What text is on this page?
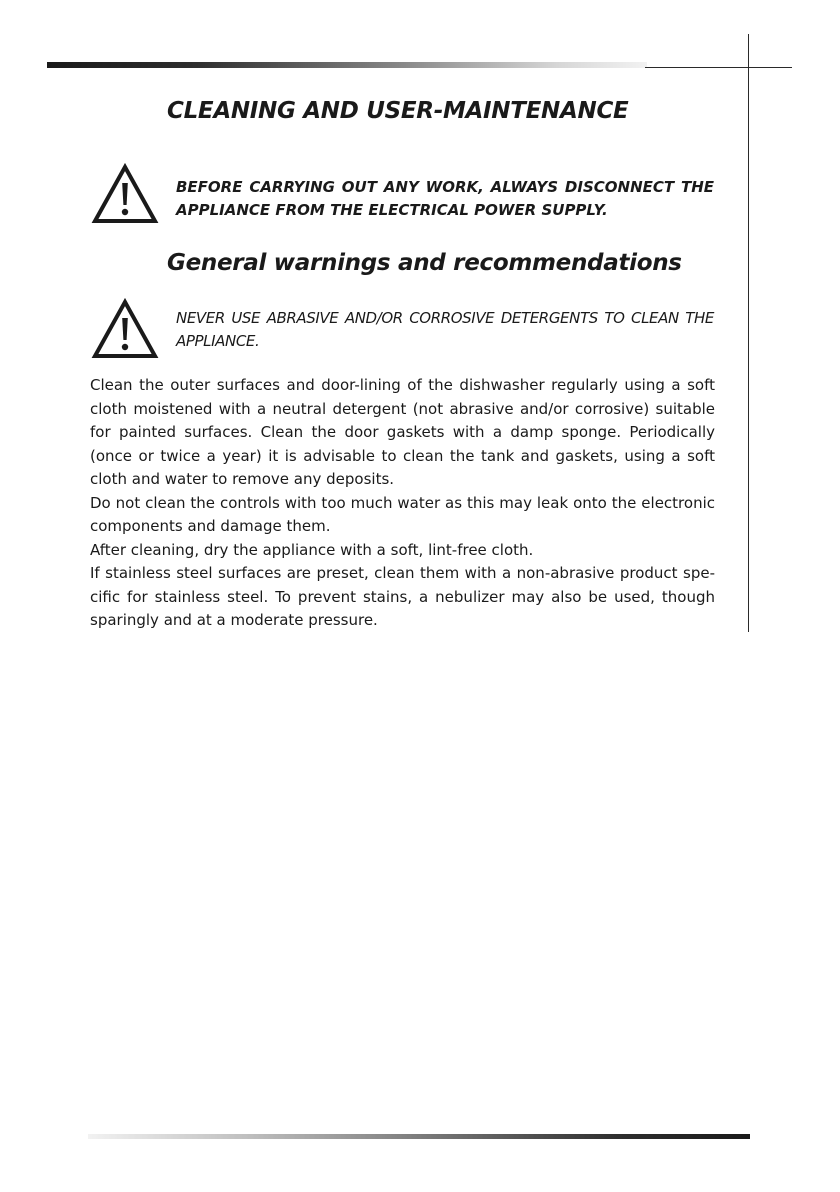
CLEANING AND USER-MAINTENANCE

BEFORE CARRYING OUT ANY WORK, ALWAYS DISCONNECT THE APPLIANCE FROM THE ELECTRICAL POWER SUPPLY.

General warnings and recommendations

NEVER USE ABRASIVE AND/OR CORROSIVE DETERGENTS TO CLEAN THE APPLIANCE.

Clean the outer surfaces and door-lining of the dishwasher regularly using a soft cloth moistened with a neutral detergent (not abrasive and/or corrosive) suitable for painted surfaces. Clean the door gaskets with a damp sponge. Periodically (once or twice a year) it is advisable to clean the tank and gaskets, using a soft cloth and water to remove any deposits.

Do not clean the controls with too much water as this may leak onto the electronic components and damage them.

After cleaning, dry the appliance with a soft, lint-free cloth.

If stainless steel surfaces are preset, clean them with a non-abrasive product specific for stainless steel. To prevent stains, a nebulizer may also be used, though sparingly and at a moderate pressure.
